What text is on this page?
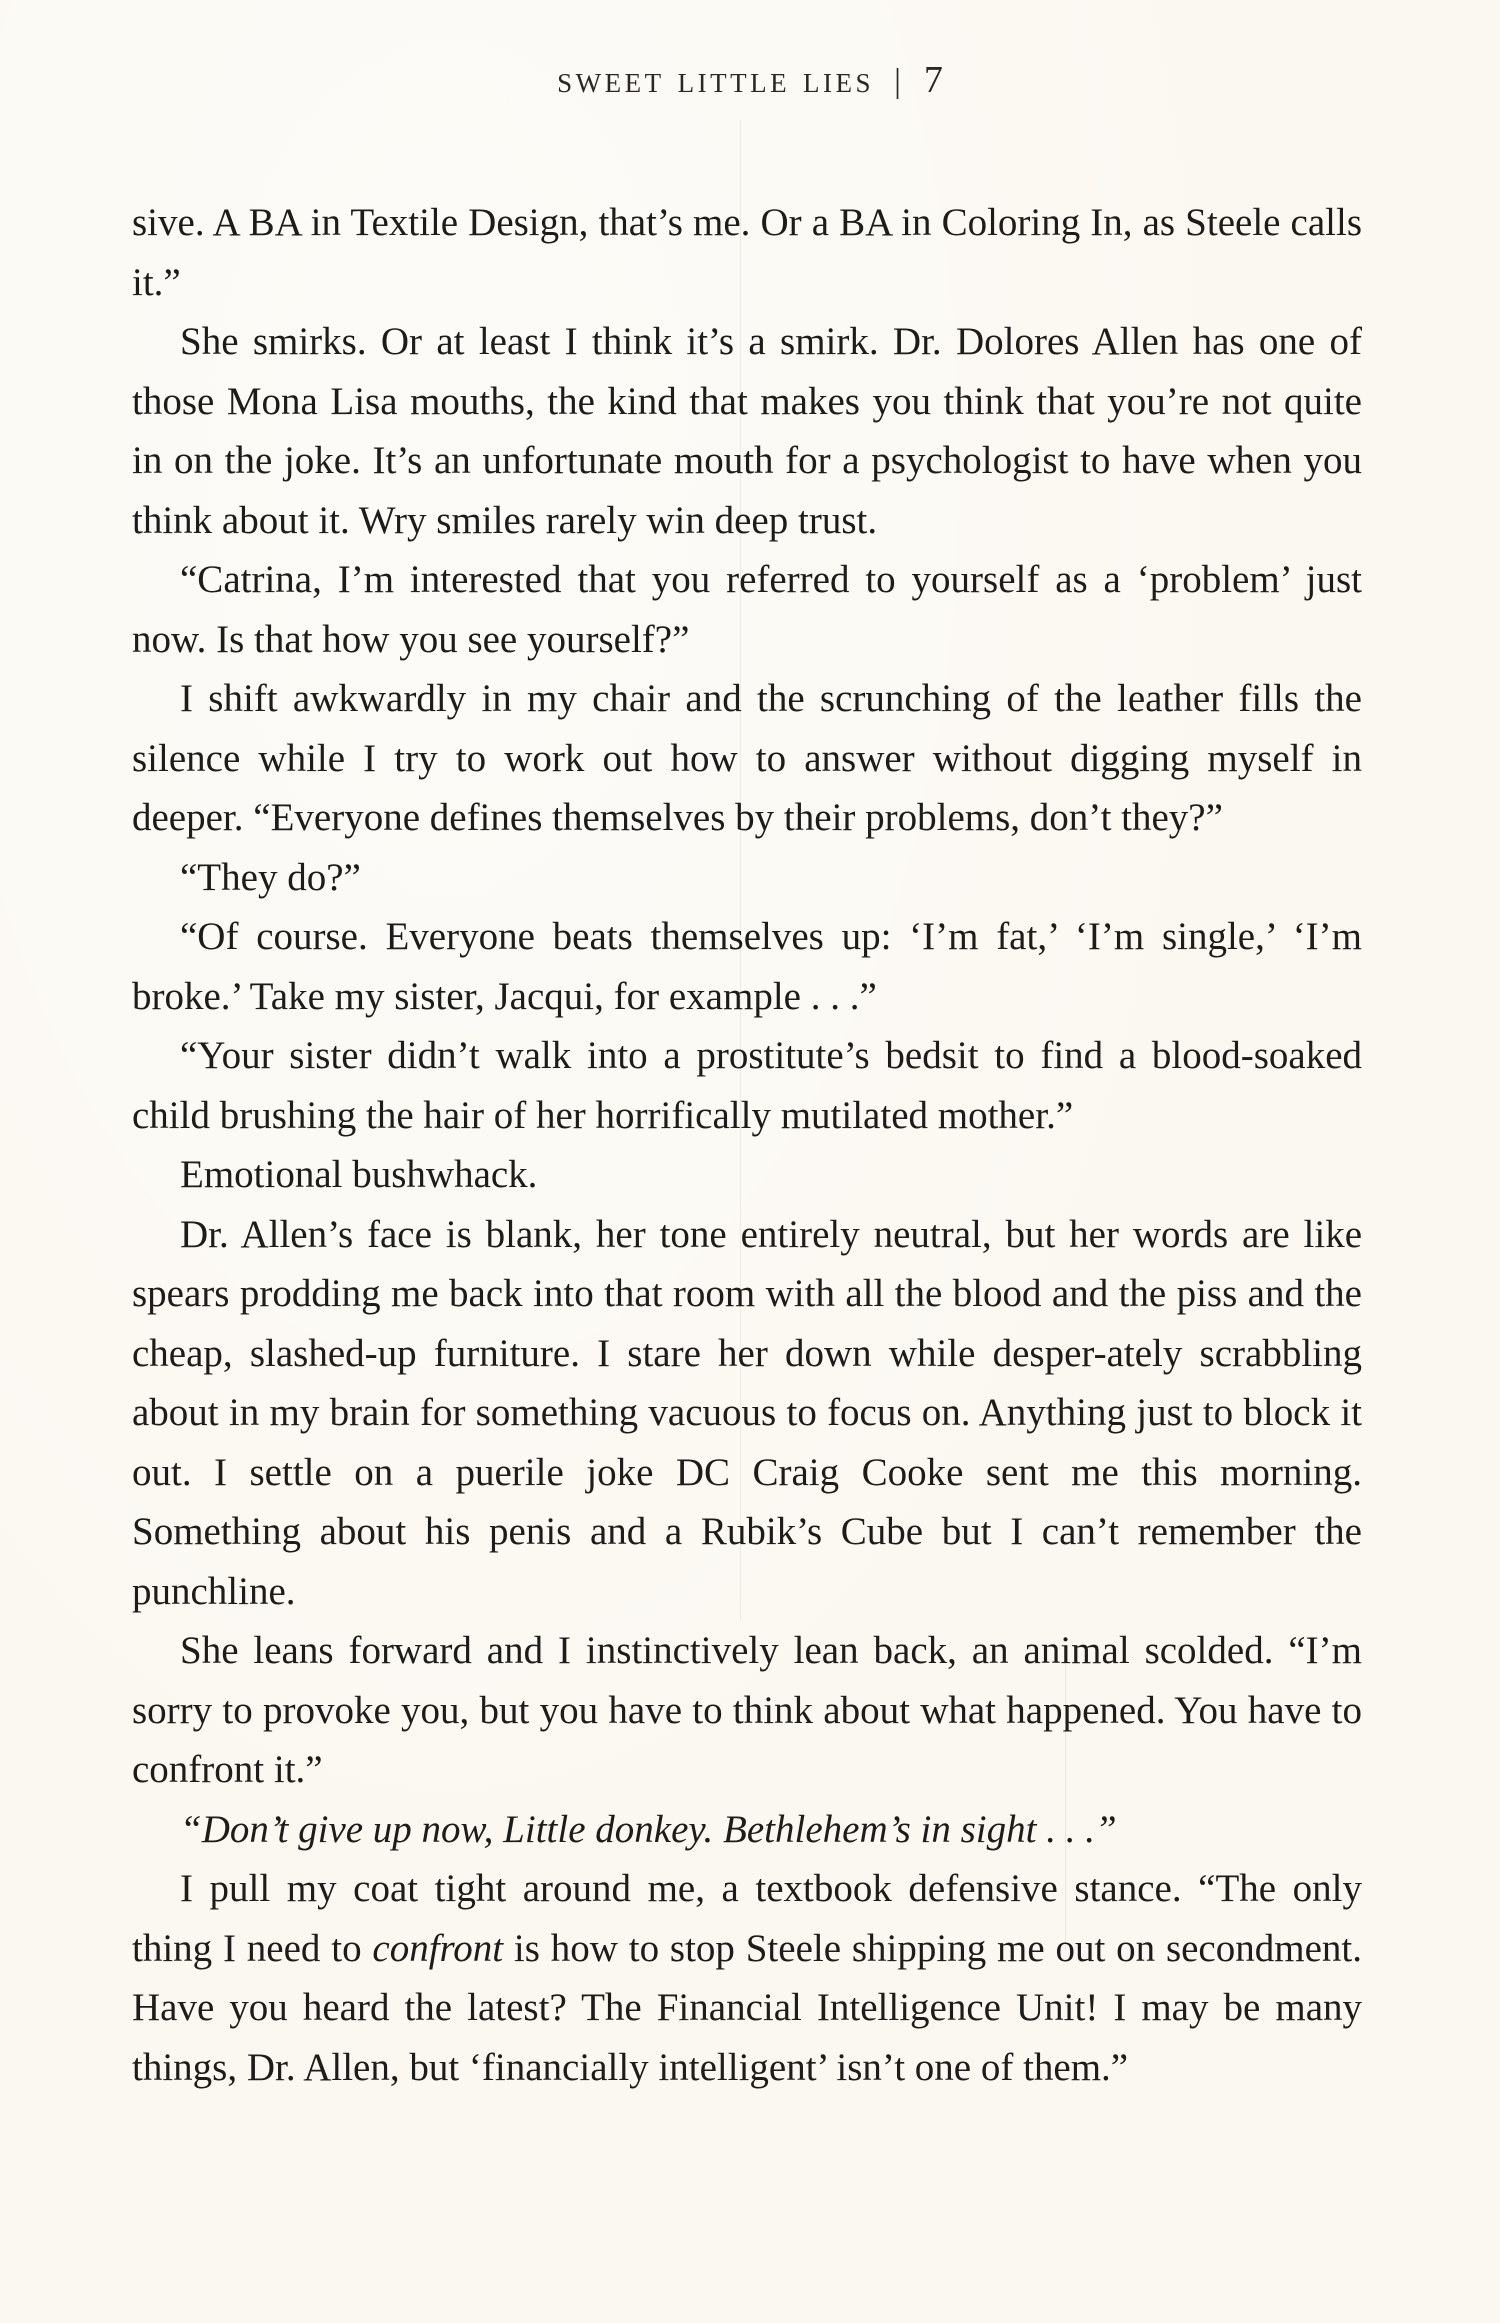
sweet little lies | 7

sive. A BA in Textile Design, that’s me. Or a BA in Coloring In, as Steele calls it.”

She smirks. Or at least I think it’s a smirk. Dr. Dolores Allen has one of those Mona Lisa mouths, the kind that makes you think that you’re not quite in on the joke. It’s an unfortunate mouth for a psychologist to have when you think about it. Wry smiles rarely win deep trust.

“Catrina, I’m interested that you referred to yourself as a ‘problem’ just now. Is that how you see yourself?”

I shift awkwardly in my chair and the scrunching of the leather fills the silence while I try to work out how to answer without digging myself in deeper. “Everyone defines themselves by their problems, don’t they?”

“They do?”

“Of course. Everyone beats themselves up: ‘I’m fat,’ ‘I’m single,’ ‘I’m broke.’ Take my sister, Jacqui, for example . . .”

“Your sister didn’t walk into a prostitute’s bedsit to find a blood-soaked child brushing the hair of her horrifically mutilated mother.”

Emotional bushwhack.

Dr. Allen’s face is blank, her tone entirely neutral, but her words are like spears prodding me back into that room with all the blood and the piss and the cheap, slashed-up furniture. I stare her down while desper-ately scrabbling about in my brain for something vacuous to focus on. Anything just to block it out. I settle on a puerile joke DC Craig Cooke sent me this morning. Something about his penis and a Rubik’s Cube but I can’t remember the punchline.

She leans forward and I instinctively lean back, an animal scolded. “I’m sorry to provoke you, but you have to think about what happened. You have to confront it.”

“Don’t give up now, Little donkey. Bethlehem’s in sight . . .”

I pull my coat tight around me, a textbook defensive stance. “The only thing I need to confront is how to stop Steele shipping me out on secondment. Have you heard the latest? The Financial Intelligence Unit! I may be many things, Dr. Allen, but ‘financially intelligent’ isn’t one of them.”
